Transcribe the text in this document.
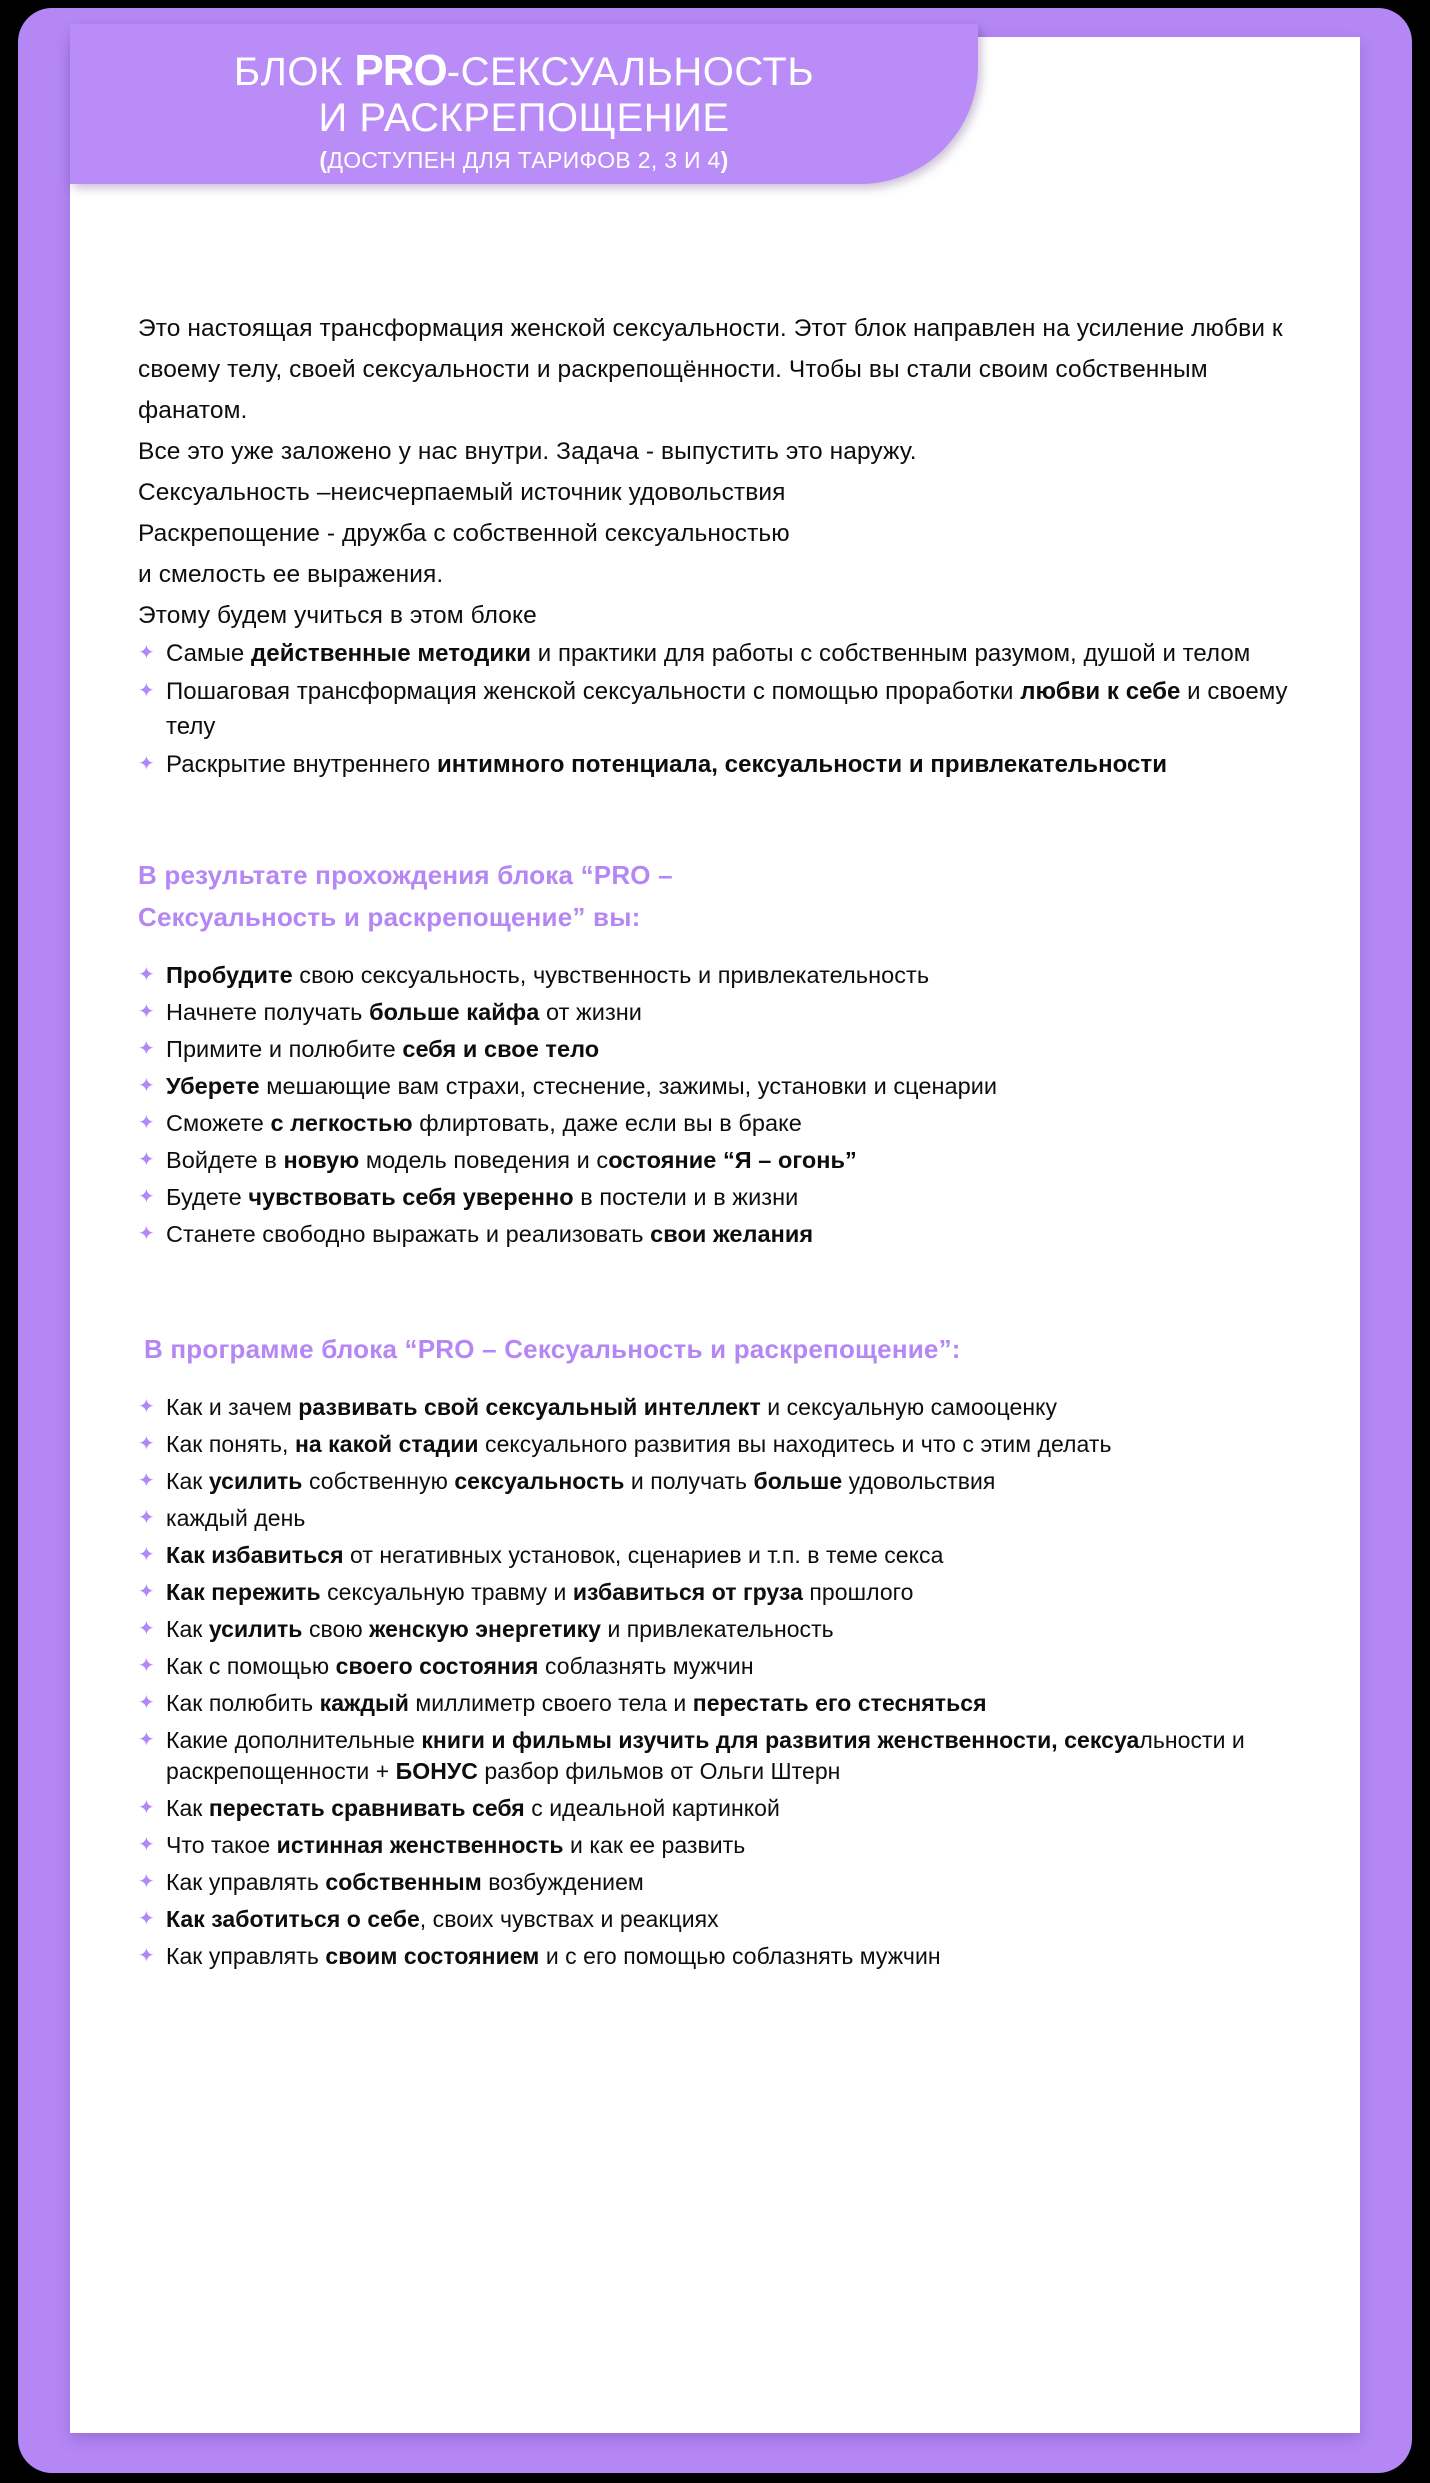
БЛОК PRO-СЕКСУАЛЬНОСТЬ
И РАСКРЕПОЩЕНИЕ
(ДОСТУПЕН ДЛЯ ТАРИФОВ 2, 3 И 4)

Это настоящая трансформация женской сексуальности. Этот блок направлен на усиление любви к своему телу, своей сексуальности и раскрепощённости. Чтобы вы стали своим собственным фанатом.

Все это уже заложено у нас внутри. Задача - выпустить это наружу.

Сексуальность –неисчерпаемый источник удовольствия

Раскрепощение - дружба с собственной сексуальностью

и смелость ее выражения.

Этому будем учиться в этом блоке

✦ Самые действенные методики и практики для работы с собственным разумом, душой и телом
✦ Пошаговая трансформация женской сексуальности с помощью проработки любви к себе и своему телу
✦ Раскрытие внутреннего интимного потенциала, сексуальности и привлекательности
В результате прохождения блока “PRO –
Сексуальность и раскрепощение” вы:
✦ Пробудите свою сексуальность, чувственность и привлекательность
✦ Начнете получать больше кайфа от жизни
✦ Примите и полюбите себя и свое тело
✦ Уберете мешающие вам страхи, стеснение, зажимы, установки и сценарии
✦ Сможете с легкостью флиртовать, даже если вы в браке
✦ Войдете в новую модель поведения и состояние “Я – огонь”
✦ Будете чувствовать себя уверенно в постели и в жизни
✦ Станете свободно выражать и реализовать свои желания
В программе блока “PRO – Сексуальность и раскрепощение”:
✦ Как и зачем развивать свой сексуальный интеллект и сексуальную самооценку
✦ Как понять, на какой стадии сексуального развития вы находитесь и что с этим делать
✦ Как усилить собственную сексуальность и получать больше удовольствия
✦ каждый день
✦ Как избавиться от негативных установок, сценариев и т.п. в теме секса
✦ Как пережить сексуальную травму и избавиться от груза прошлого
✦ Как усилить свою женскую энергетику и привлекательность
✦ Как с помощью своего состояния соблазнять мужчин
✦ Как полюбить каждый миллиметр своего тела и перестать его стесняться
✦ Какие дополнительные книги и фильмы изучить для развития женственности, сексуальности и раскрепощенности + БОНУС разбор фильмов от Ольги Штерн
✦ Как перестать сравнивать себя с идеальной картинкой
✦ Что такое истинная женственность и как ее развить
✦ Как управлять собственным возбуждением
✦ Как заботиться о себе, своих чувствах и реакциях
✦ Как управлять своим состоянием и с его помощью соблазнять мужчин
